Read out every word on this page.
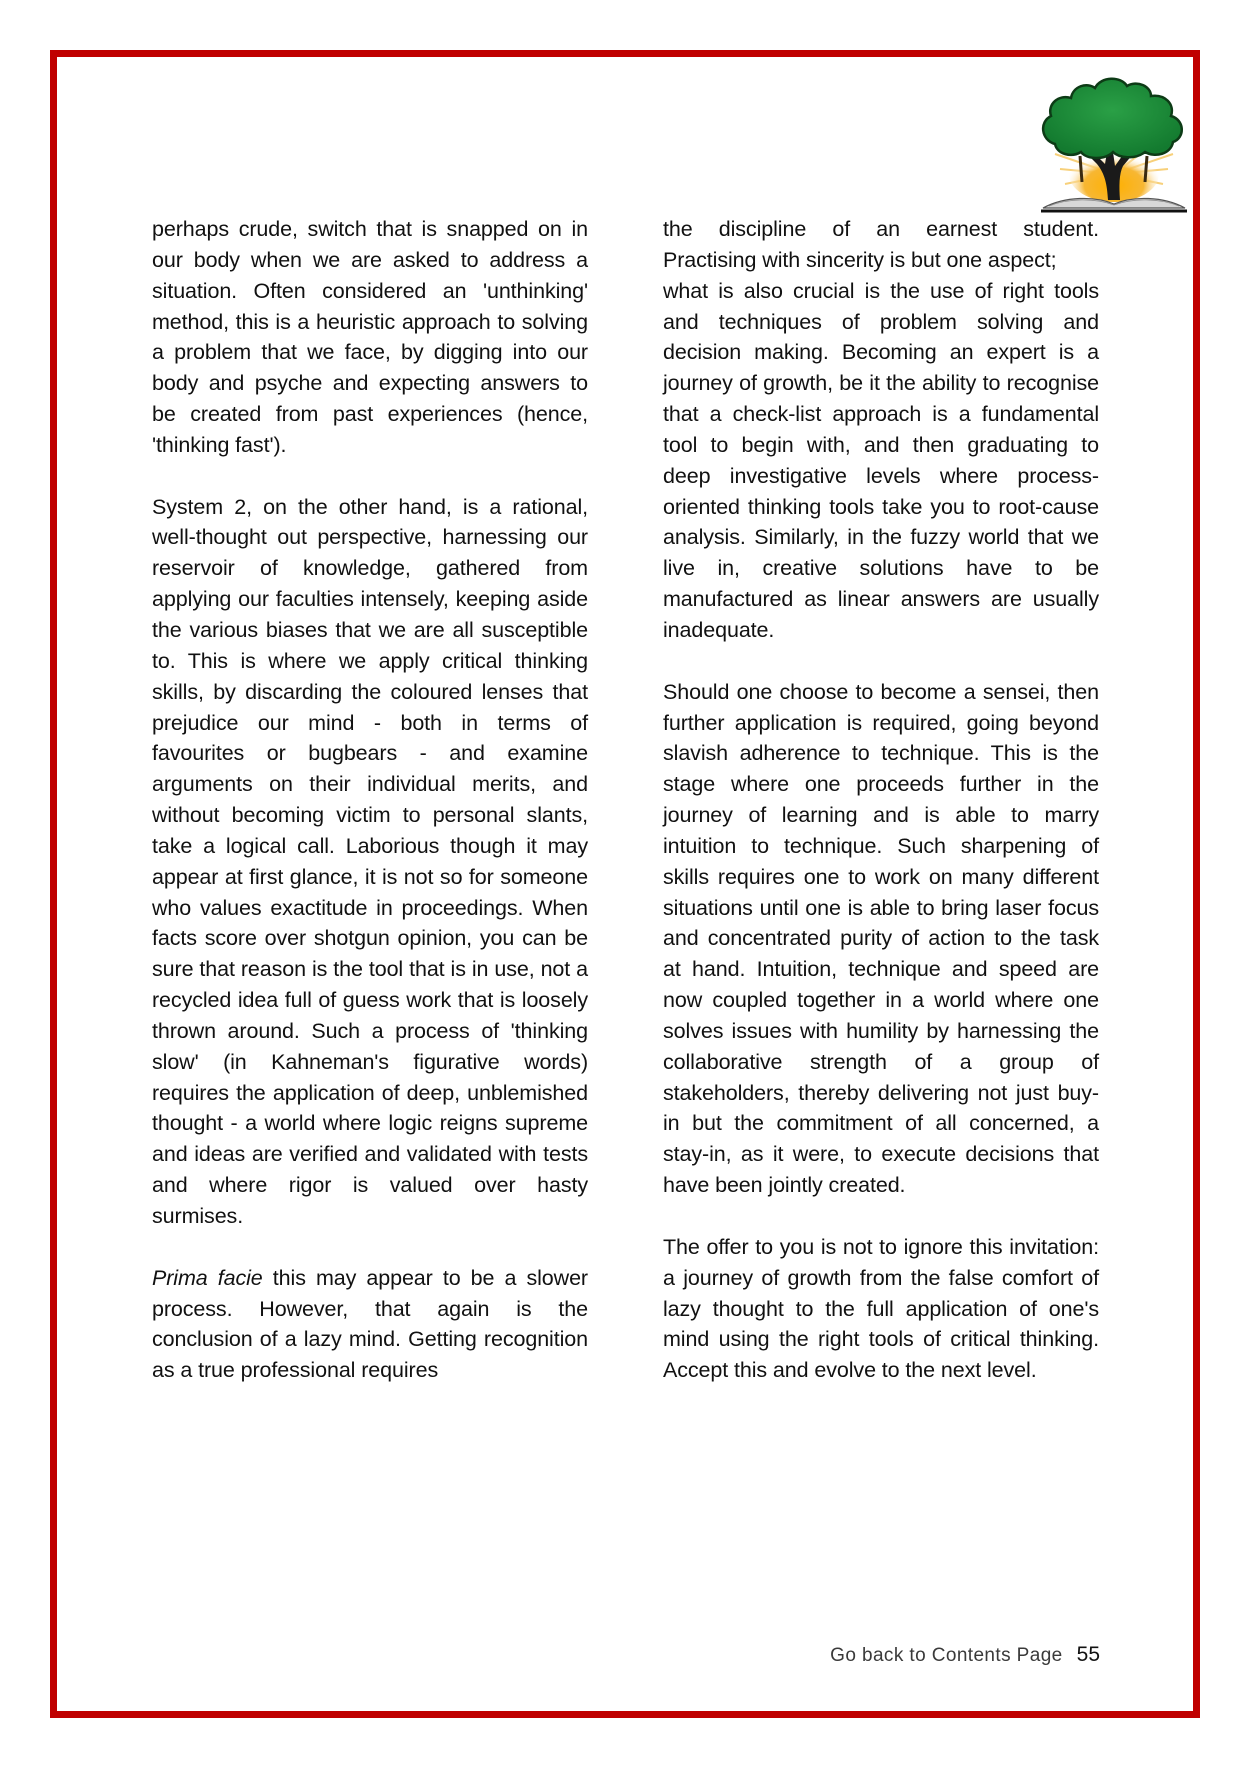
perhaps crude, switch that is snapped on in our body when we are asked to address a situation. Often considered an 'unthinking' method, this is a heuristic approach to solving a problem that we face, by digging into our body and psyche and expecting answers to be created from past experiences (hence, 'thinking fast').

System 2, on the other hand, is a rational, well-thought out perspective, harnessing our reservoir of knowledge, gathered from applying our faculties intensely, keeping aside the various biases that we are all susceptible to. This is where we apply critical thinking skills, by discarding the coloured lenses that prejudice our mind - both in terms of favourites or bugbears - and examine arguments on their individual merits, and without becoming victim to personal slants, take a logical call. Laborious though it may appear at first glance, it is not so for someone who values exactitude in proceedings. When facts score over shotgun opinion, you can be sure that reason is the tool that is in use, not a recycled idea full of guess work that is loosely thrown around. Such a process of 'thinking slow' (in Kahneman's figurative words) requires the application of deep, unblemished thought - a world where logic reigns supreme and ideas are verified and validated with tests and where rigor is valued over hasty surmises.

Prima facie this may appear to be a slower process. However, that again is the conclusion of a lazy mind. Getting recognition as a true professional requires

the discipline of an earnest student.
Practising with sincerity is but one aspect;
what is also crucial is the use of right tools and techniques of problem solving and decision making. Becoming an expert is a journey of growth, be it the ability to recognise that a check-list approach is a fundamental tool to begin with, and then graduating to deep investigative levels where process-oriented thinking tools take you to root-cause analysis. Similarly, in the fuzzy world that we live in, creative solutions have to be manufactured as linear answers are usually inadequate.

Should one choose to become a sensei, then further application is required, going beyond slavish adherence to technique. This is the stage where one proceeds further in the journey of learning and is able to marry intuition to technique. Such sharpening of skills requires one to work on many different situations until one is able to bring laser focus and concentrated purity of action to the task at hand. Intuition, technique and speed are now coupled together in a world where one solves issues with humility by harnessing the collaborative strength of a group of stakeholders, thereby delivering not just buy-in but the commitment of all concerned, a stay-in, as it were, to execute decisions that have been jointly created.

The offer to you is not to ignore this invitation: a journey of growth from the false comfort of lazy thought to the full application of one's mind using the right tools of critical thinking. Accept this and evolve to the next level.

Go back to Contents Page 55
